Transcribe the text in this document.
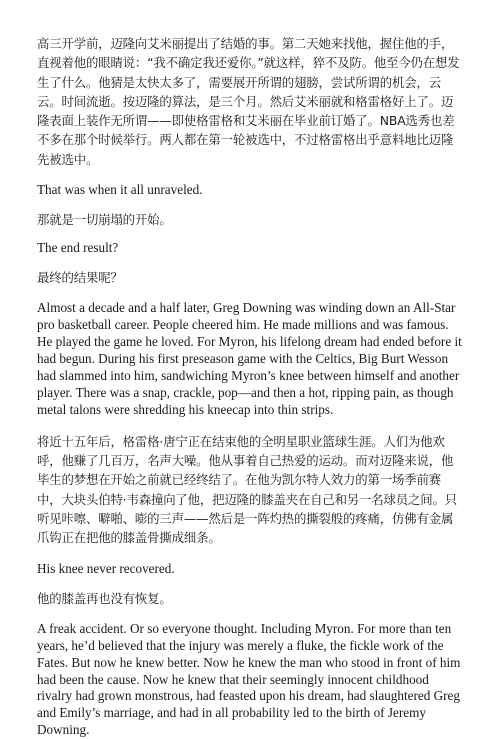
高三开学前，迈隆向艾米丽提出了结婚的事。第二天她来找他，握住他的手，直视着他的眼睛说：“我不确定我还爱你。”就这样，猝不及防。他至今仍在想发生了什么。他猜是太快太多了，需要展开所谓的翅膀，尝试所谓的机会，云云。时间流逝。按迈隆的算法，是三个月。然后艾米丽就和格雷格好上了。迈隆表面上装作无所谓——即使格雷格和艾米丽在毕业前订婚了。NBA选秀也差不多在那个时候举行。两人都在第一轮被选中，不过格雷格出乎意料地比迈隆先被选中。

That was when it all unraveled.

那就是一切崩塌的开始。

The end result?

最终的结果呢？

Almost a decade and a half later, Greg Downing was winding down an All-Star pro basketball career. People cheered him. He made millions and was famous. He played the game he loved. For Myron, his lifelong dream had ended before it had begun. During his first preseason game with the Celtics, Big Burt Wesson had slammed into him, sandwiching Myron’s knee between himself and another player. There was a snap, crackle, pop—and then a hot, ripping pain, as though metal talons were shredding his kneecap into thin strips.

将近十五年后，格雷格·唐宁正在结束他的全明星职业篮球生涯。人们为他欢呼，他赚了几百万，名声大噪。他从事着自己热爱的运动。而对迈隆来说，他毕生的梦想在开始之前就已经终结了。在他为凯尔特人效力的第一场季前赛中，大块头伯特·韦森撞向了他，把迈隆的膝盖夹在自己和另一名球员之间。只听见咔嚓、噼啪、嘭的三声——然后是一阵灼热的撕裂般的疼痛，仿佛有金属爪钩正在把他的膝盖骨撕成细条。

His knee never recovered.

他的膝盖再也没有恢复。

A freak accident. Or so everyone thought. Including Myron. For more than ten years, he’d believed that the injury was merely a fluke, the fickle work of the Fates. But now he knew better. Now he knew the man who stood in front of him had been the cause. Now he knew that their seemingly innocent childhood rivalry had grown monstrous, had feasted upon his dream, had slaughtered Greg and Emily’s marriage, and had in all probability led to the birth of Jeremy Downing.
